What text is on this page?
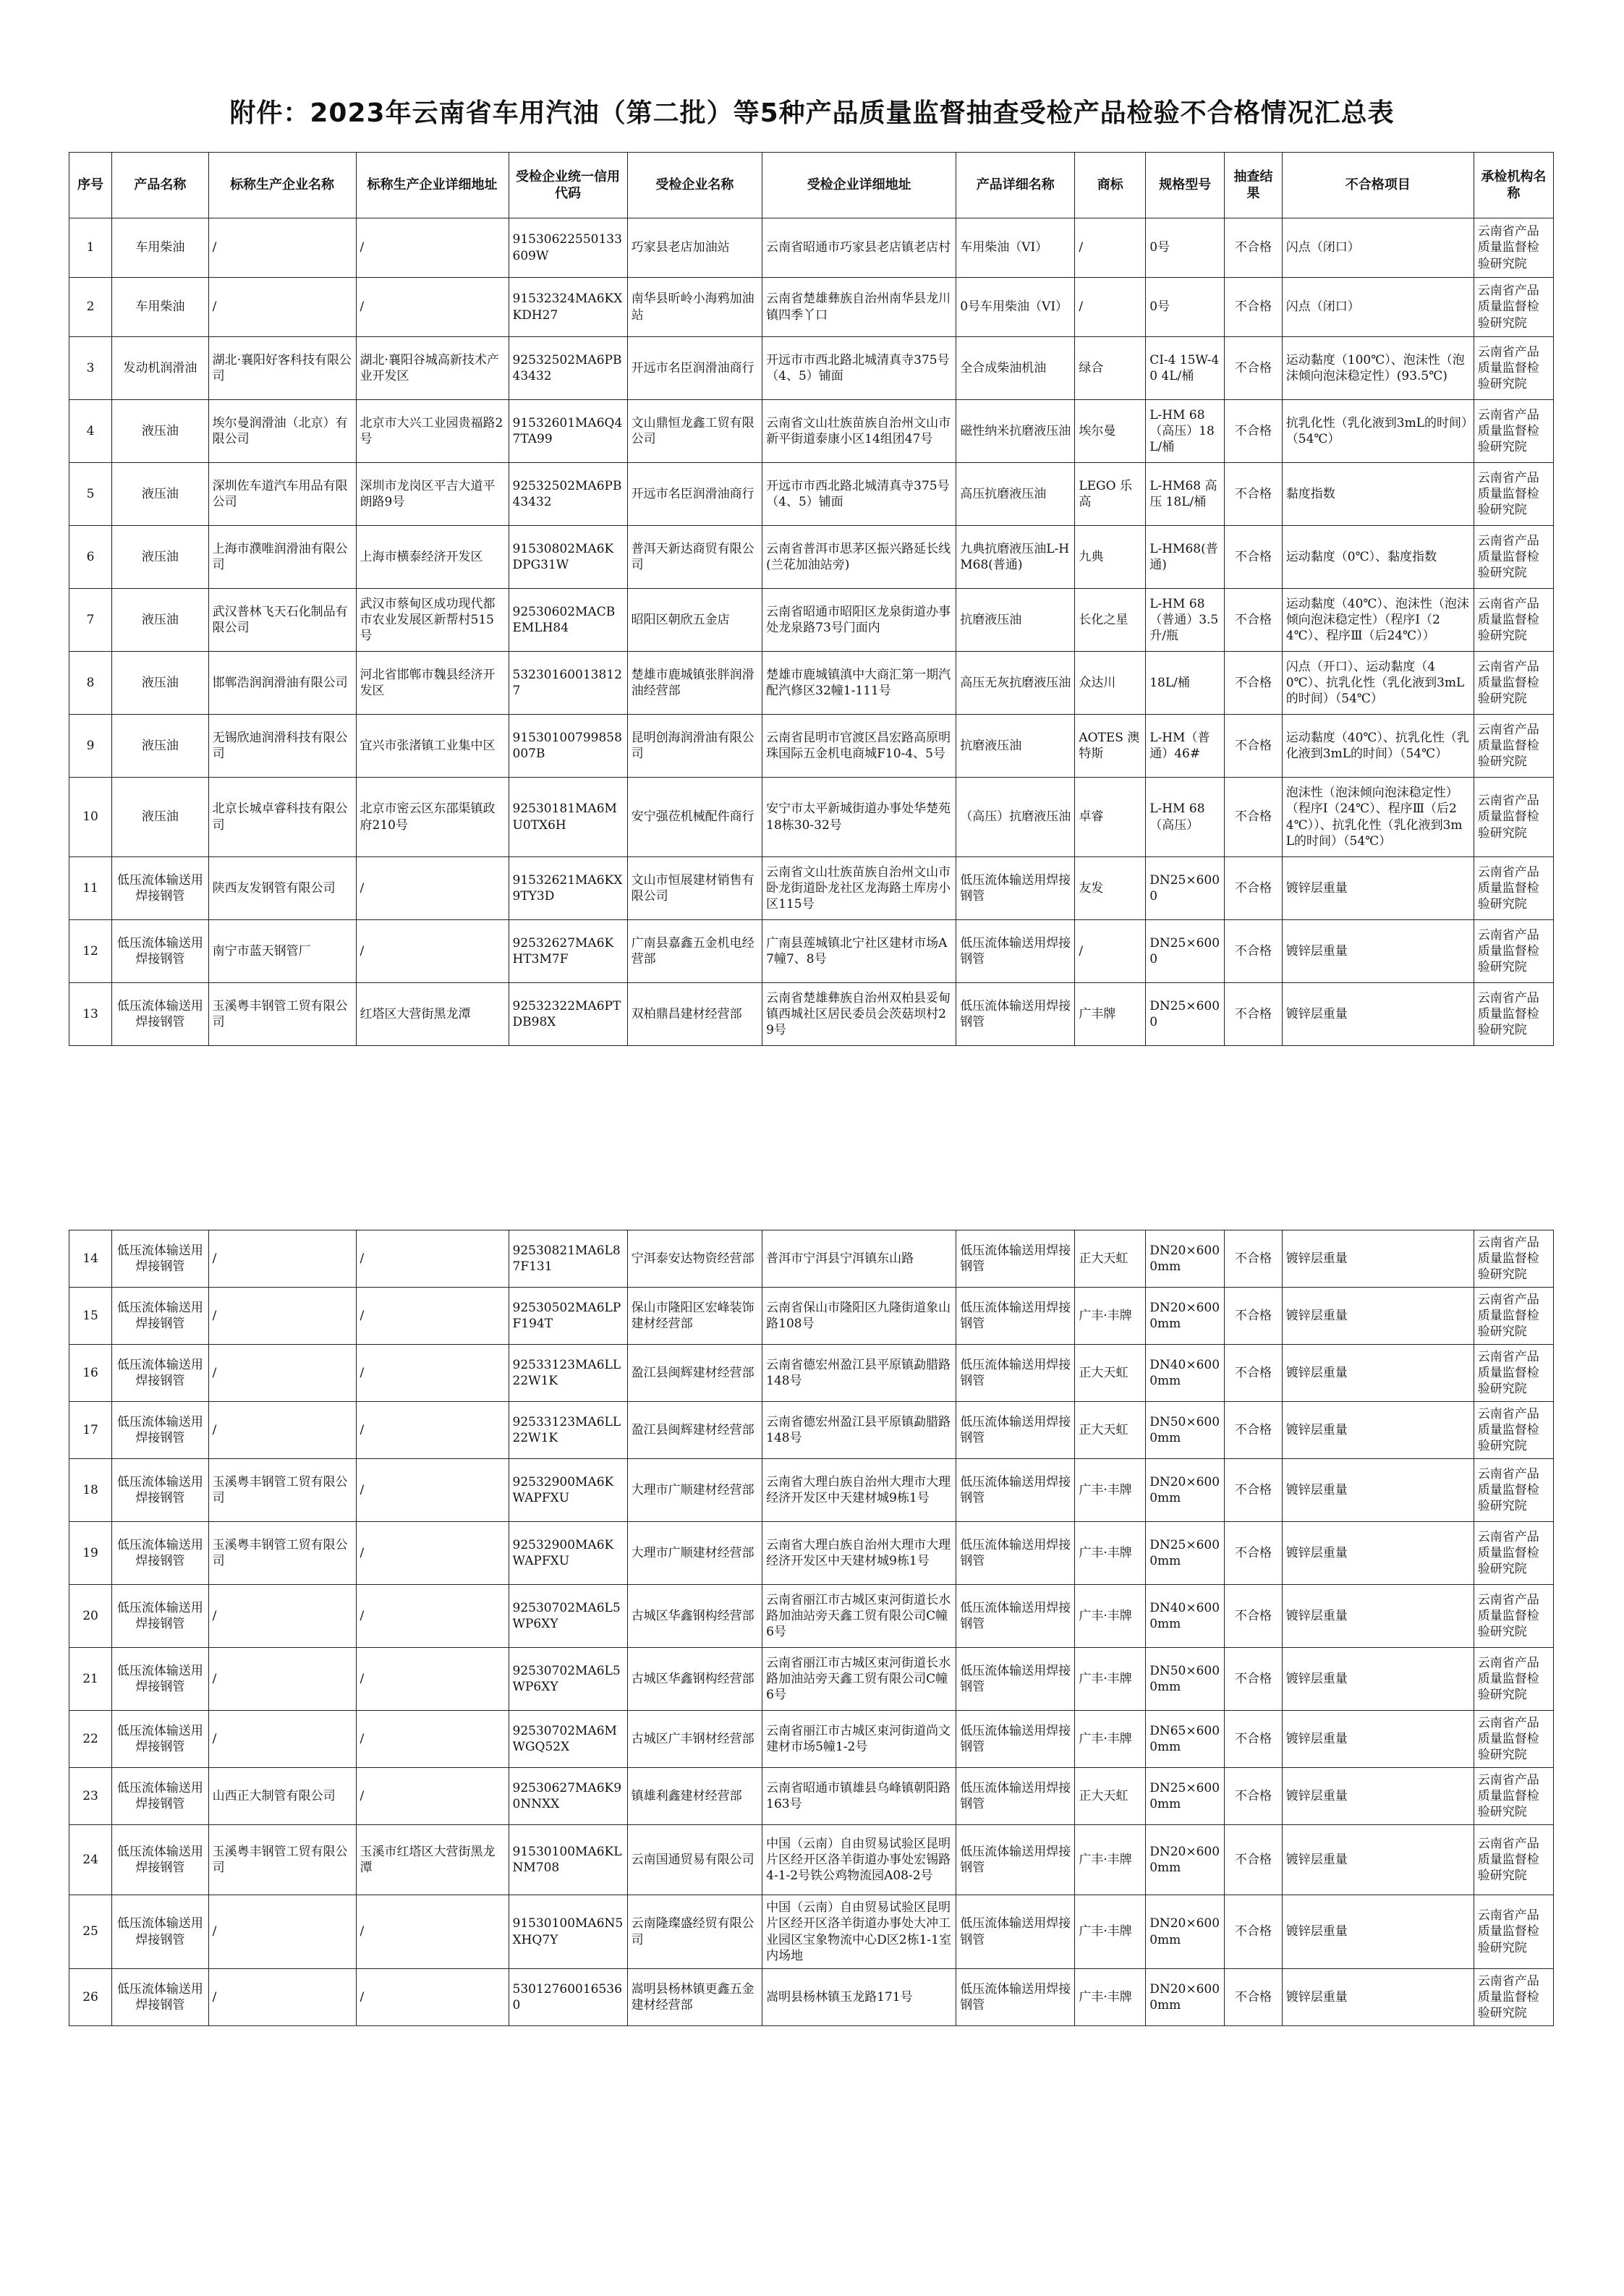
附件：2023年云南省车用汽油（第二批）等5种产品质量监督抽查受检产品检验不合格情况汇总表
序号	产品名称	标称生产企业名称	标称生产企业详细地址	受检企业统一信用代码	受检企业名称	受检企业详细地址	产品详细名称	商标	规格型号	抽查结果	不合格项目	承检机构名称
1	车用柴油	/	/	91530622550133609W	巧家县老店加油站	云南省昭通市巧家县老店镇老店村	车用柴油（VI）	/	0号	不合格	闪点（闭口）	云南省产品质量监督检验研究院
2	车用柴油	/	/	91532324MA6KXKDH27	南华县昕岭小海鸦加油站	云南省楚雄彝族自治州南华县龙川镇四季丫口	0号车用柴油（VI）	/	0号	不合格	闪点（闭口）	云南省产品质量监督检验研究院
3	发动机润滑油	湖北·襄阳好客科技有限公司	湖北·襄阳谷城高新技术产业开发区	92532502MA6PB43432	开远市名臣润滑油商行	开远市市西北路北城清真寺375号（4、5）铺面	全合成柴油机油	绿合	CI-4 15W-40 4L/桶	不合格	运动黏度（100℃）、泡沫性（泡沫倾向泡沫稳定性）(93.5℃)	云南省产品质量监督检验研究院
4	液压油	埃尔曼润滑油（北京）有限公司	北京市大兴工业园贵福路2号	91532601MA6Q47TA99	文山鼎恒龙鑫工贸有限公司	云南省文山壮族苗族自治州文山市新平街道泰康小区14组团47号	磁性纳米抗磨液压油	埃尔曼	L-HM 68（高压）18L/桶	不合格	抗乳化性（乳化液到3mL的时间）（54℃）	云南省产品质量监督检验研究院
5	液压油	深圳佐车道汽车用品有限公司	深圳市龙岗区平吉大道平朗路9号	92532502MA6PB43432	开远市名臣润滑油商行	开远市市西北路北城清真寺375号（4、5）铺面	高压抗磨液压油	LEGO 乐高	L-HM68 高压 18L/桶	不合格	黏度指数	云南省产品质量监督检验研究院
6	液压油	上海市濮唯润滑油有限公司	上海市横泰经济开发区	91530802MA6KDPG31W	普洱天新达商贸有限公司	云南省普洱市思茅区振兴路延长线(兰花加油站旁)	九典抗磨液压油L-HM68(普通)	九典	L-HM68(普通)	不合格	运动黏度（0℃）、黏度指数	云南省产品质量监督检验研究院
7	液压油	武汉普林飞天石化制品有限公司	武汉市蔡甸区成功现代都市农业发展区新帮村515号	92530602MACBEMLH84	昭阳区朝欣五金店	云南省昭通市昭阳区龙泉街道办事处龙泉路73号门面内	抗磨液压油	长化之星	L-HM 68（普通）3.5升/瓶	不合格	运动黏度（40℃）、泡沫性（泡沫倾向泡沫稳定性）（程序Ⅰ（24℃）、程序Ⅲ（后24℃））	云南省产品质量监督检验研究院
8	液压油	邯郸浩润润滑油有限公司	河北省邯郸市魏县经济开发区	532301600138127	楚雄市鹿城镇张胖润滑油经营部	楚雄市鹿城镇滇中大商汇第一期汽配汽修区32幢1-111号	高压无灰抗磨液压油	众达川	18L/桶	不合格	闪点（开口）、运动黏度（40℃）、抗乳化性（乳化液到3mL的时间）（54℃）	云南省产品质量监督检验研究院
9	液压油	无锡欣迪润滑科技有限公司	宜兴市张渚镇工业集中区	91530100799858007B	昆明创海润滑油有限公司	云南省昆明市官渡区昌宏路高原明珠国际五金机电商城F10-4、5号	抗磨液压油	AOTES 澳特斯	L-HM（普通）46#	不合格	运动黏度（40℃）、抗乳化性（乳化液到3mL的时间）（54℃）	云南省产品质量监督检验研究院
10	液压油	北京长城卓睿科技有限公司	北京市密云区东邵渠镇政府210号	92530181MA6MU0TX6H	安宁强莅机械配件商行	安宁市太平新城街道办事处华楚苑18栋30-32号	（高压）抗磨液压油	卓睿	L-HM 68（高压）	不合格	泡沫性（泡沫倾向泡沫稳定性）（程序Ⅰ（24℃）、程序Ⅲ（后24℃））、抗乳化性（乳化液到3mL的时间）（54℃）	云南省产品质量监督检验研究院
11	低压流体输送用焊接钢管	陕西友发钢管有限公司	/	91532621MA6KX9TY3D	文山市恒展建材销售有限公司	云南省文山壮族苗族自治州文山市卧龙街道卧龙社区龙海路土库房小区115号	低压流体输送用焊接钢管	友发	DN25×6000	不合格	镀锌层重量	云南省产品质量监督检验研究院
12	低压流体输送用焊接钢管	南宁市蓝天钢管厂	/	92532627MA6KHT3M7F	广南县嘉鑫五金机电经营部	广南县莲城镇北宁社区建材市场A7幢7、8号	低压流体输送用焊接钢管	/	DN25×6000	不合格	镀锌层重量	云南省产品质量监督检验研究院
13	低压流体输送用焊接钢管	玉溪粤丰钢管工贸有限公司	红塔区大营街黑龙潭	92532322MA6PTDB98X	双柏鼎昌建材经营部	云南省楚雄彝族自治州双柏县妥甸镇西城社区居民委员会茨菇坝村29号	低压流体输送用焊接钢管	广丰牌	DN25×6000	不合格	镀锌层重量	云南省产品质量监督检验研究院
14	低压流体输送用焊接钢管	/	/	92530821MA6L87F131	宁洱泰安达物资经营部	普洱市宁洱县宁洱镇东山路	低压流体输送用焊接钢管	正大天虹	DN20×6000mm	不合格	镀锌层重量	云南省产品质量监督检验研究院
15	低压流体输送用焊接钢管	/	/	92530502MA6LPF194T	保山市隆阳区宏峰装饰建材经营部	云南省保山市隆阳区九隆街道象山路108号	低压流体输送用焊接钢管	广丰·丰牌	DN20×6000mm	不合格	镀锌层重量	云南省产品质量监督检验研究院
16	低压流体输送用焊接钢管	/	/	92533123MA6LL22W1K	盈江县闽辉建材经营部	云南省德宏州盈江县平原镇勐腊路148号	低压流体输送用焊接钢管	正大天虹	DN40×6000mm	不合格	镀锌层重量	云南省产品质量监督检验研究院
17	低压流体输送用焊接钢管	/	/	92533123MA6LL22W1K	盈江县闽辉建材经营部	云南省德宏州盈江县平原镇勐腊路148号	低压流体输送用焊接钢管	正大天虹	DN50×6000mm	不合格	镀锌层重量	云南省产品质量监督检验研究院
18	低压流体输送用焊接钢管	玉溪粤丰钢管工贸有限公司	/	92532900MA6KWAPFXU	大理市广顺建材经营部	云南省大理白族自治州大理市大理经济开发区中天建材城9栋1号	低压流体输送用焊接钢管	广丰·丰牌	DN20×6000mm	不合格	镀锌层重量	云南省产品质量监督检验研究院
19	低压流体输送用焊接钢管	玉溪粤丰钢管工贸有限公司	/	92532900MA6KWAPFXU	大理市广顺建材经营部	云南省大理白族自治州大理市大理经济开发区中天建材城9栋1号	低压流体输送用焊接钢管	广丰·丰牌	DN25×6000mm	不合格	镀锌层重量	云南省产品质量监督检验研究院
20	低压流体输送用焊接钢管	/	/	92530702MA6L5WP6XY	古城区华鑫钢构经营部	云南省丽江市古城区束河街道长水路加油站旁天鑫工贸有限公司C幢6号	低压流体输送用焊接钢管	广丰·丰牌	DN40×6000mm	不合格	镀锌层重量	云南省产品质量监督检验研究院
21	低压流体输送用焊接钢管	/	/	92530702MA6L5WP6XY	古城区华鑫钢构经营部	云南省丽江市古城区束河街道长水路加油站旁天鑫工贸有限公司C幢6号	低压流体输送用焊接钢管	广丰·丰牌	DN50×6000mm	不合格	镀锌层重量	云南省产品质量监督检验研究院
22	低压流体输送用焊接钢管	/	/	92530702MA6MWGQ52X	古城区广丰钢材经营部	云南省丽江市古城区束河街道尚文建材市场5幢1-2号	低压流体输送用焊接钢管	广丰·丰牌	DN65×6000mm	不合格	镀锌层重量	云南省产品质量监督检验研究院
23	低压流体输送用焊接钢管	山西正大制管有限公司	/	92530627MA6K90NNXX	镇雄利鑫建材经营部	云南省昭通市镇雄县乌峰镇朝阳路163号	低压流体输送用焊接钢管	正大天虹	DN25×6000mm	不合格	镀锌层重量	云南省产品质量监督检验研究院
24	低压流体输送用焊接钢管	玉溪粤丰钢管工贸有限公司	玉溪市红塔区大营街黑龙潭	91530100MA6KLNM708	云南国通贸易有限公司	中国（云南）自由贸易试验区昆明片区经开区洛羊街道办事处宏锡路4-1-2号铁公鸡物流园A08-2号	低压流体输送用焊接钢管	广丰·丰牌	DN20×6000mm	不合格	镀锌层重量	云南省产品质量监督检验研究院
25	低压流体输送用焊接钢管	/	/	91530100MA6N5XHQ7Y	云南隆璨盛经贸有限公司	中国（云南）自由贸易试验区昆明片区经开区洛羊街道办事处大冲工业园区宝象物流中心D区2栋1-1室内场地	低压流体输送用焊接钢管	广丰·丰牌	DN20×6000mm	不合格	镀锌层重量	云南省产品质量监督检验研究院
26	低压流体输送用焊接钢管	/	/	530127600165360	嵩明县杨林镇更鑫五金建材经营部	嵩明县杨林镇玉龙路171号	低压流体输送用焊接钢管	广丰·丰牌	DN20×6000mm	不合格	镀锌层重量	云南省产品质量监督检验研究院
